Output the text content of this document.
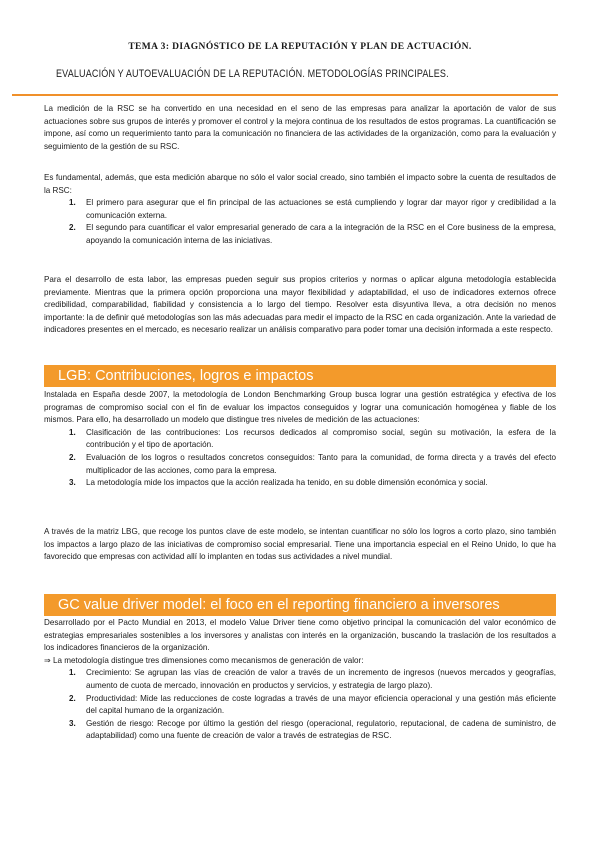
TEMA 3: DIAGNÓSTICO DE LA REPUTACIÓN Y PLAN DE ACTUACIÓN.
EVALUACIÓN Y AUTOEVALUACIÓN DE LA REPUTACIÓN. METODOLOGÍAS PRINCIPALES.

La medición de la RSC se ha convertido en una necesidad en el seno de las empresas para analizar la aportación de valor de sus actuaciones sobre sus grupos de interés y promover el control y la mejora continua de los resultados de estos programas. La cuantificación se impone, así como un requerimiento tanto para la comunicación no financiera de las actividades de la organización, como para la evaluación y seguimiento de la gestión de su RSC.

Es fundamental, además, que esta medición abarque no sólo el valor social creado, sino también el impacto sobre la cuenta de resultados de la RSC:

1. El primero para asegurar que el fin principal de las actuaciones se está cumpliendo y lograr dar mayor rigor y credibilidad a la comunicación externa.
2. El segundo para cuantificar el valor empresarial generado de cara a la integración de la RSC en el Core business de la empresa, apoyando la comunicación interna de las iniciativas.

Para el desarrollo de esta labor, las empresas pueden seguir sus propios criterios y normas o aplicar alguna metodología establecida previamente. Mientras que la primera opción proporciona una mayor flexibilidad y adaptabilidad, el uso de indicadores externos ofrece credibilidad, comparabilidad, fiabilidad y consistencia a lo largo del tiempo. Resolver esta disyuntiva lleva, a otra decisión no menos importante: la de definir qué metodologías son las más adecuadas para medir el impacto de la RSC en cada organización. Ante la variedad de indicadores presentes en el mercado, es necesario realizar un análisis comparativo para poder tomar una decisión informada a este respecto.

LGB: Contribuciones, logros e impactos

Instalada en España desde 2007, la metodología de London Benchmarking Group busca lograr una gestión estratégica y efectiva de los programas de compromiso social con el fin de evaluar los impactos conseguidos y lograr una comunicación homogénea y fiable de los mismos. Para ello, ha desarrollado un modelo que distingue tres niveles de medición de las actuaciones:

1. Clasificación de las contribuciones: Los recursos dedicados al compromiso social, según su motivación, la esfera de la contribución y el tipo de aportación.
2. Evaluación de los logros o resultados concretos conseguidos: Tanto para la comunidad, de forma directa y a través del efecto multiplicador de las acciones, como para la empresa.
3. La metodología mide los impactos que la acción realizada ha tenido, en su doble dimensión económica y social.

A través de la matriz LBG, que recoge los puntos clave de este modelo, se intentan cuantificar no sólo los logros a corto plazo, sino también los impactos a largo plazo de las iniciativas de compromiso social empresarial. Tiene una importancia especial en el Reino Unido, lo que ha favorecido que empresas con actividad allí lo implanten en todas sus actividades a nivel mundial.

GC value driver model: el foco en el reporting financiero a inversores

Desarrollado por el Pacto Mundial en 2013, el modelo Value Driver tiene como objetivo principal la comunicación del valor económico de estrategias empresariales sostenibles a los inversores y analistas con interés en la organización, buscando la traslación de los resultados a los indicadores financieros de la organización.

⇒ La metodología distingue tres dimensiones como mecanismos de generación de valor:
1. Crecimiento: Se agrupan las vías de creación de valor a través de un incremento de ingresos (nuevos mercados y geografías, aumento de cuota de mercado, innovación en productos y servicios, y estrategia de largo plazo).
2. Productividad: Mide las reducciones de coste logradas a través de una mayor eficiencia operacional y una gestión más eficiente del capital humano de la organización.
3. Gestión de riesgo: Recoge por último la gestión del riesgo (operacional, regulatorio, reputacional, de cadena de suministro, de adaptabilidad) como una fuente de creación de valor a través de estrategias de RSC.
